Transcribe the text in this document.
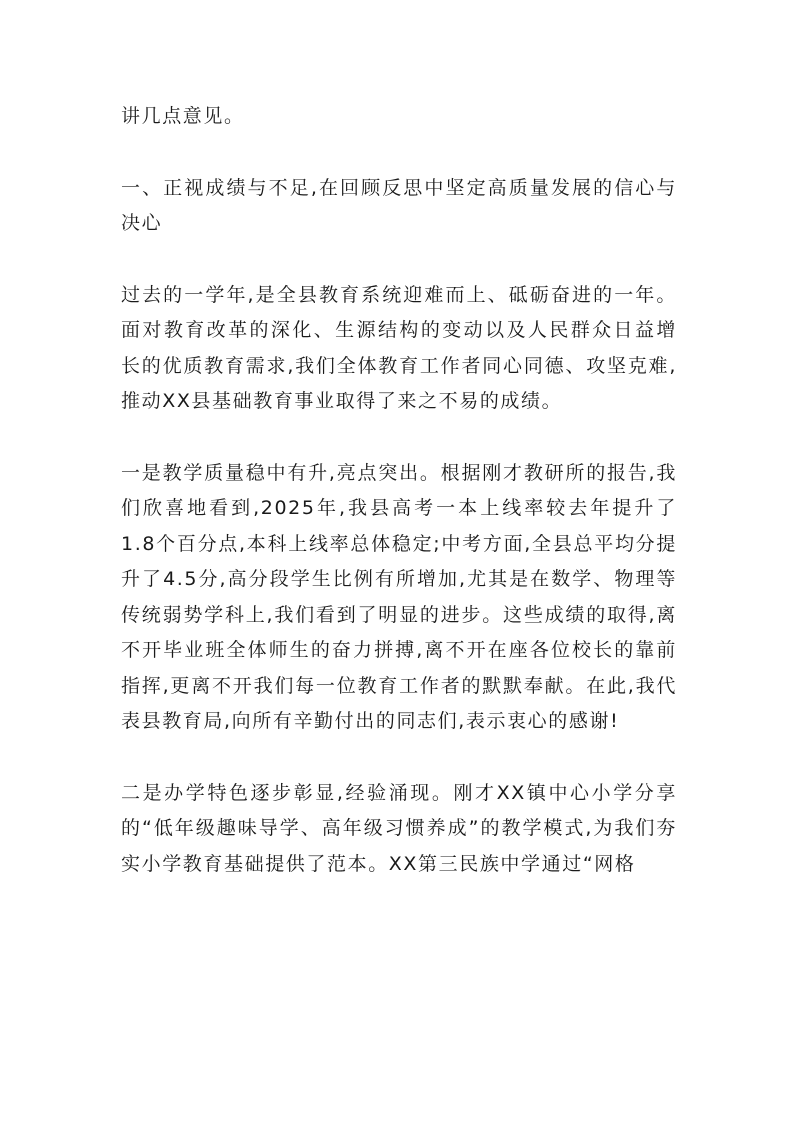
讲几点意见。

一、正视成绩与不足,在回顾反思中坚定高质量发展的信心与决心

过去的一学年,是全县教育系统迎难而上、砥砺奋进的一年。面对教育改革的深化、生源结构的变动以及人民群众日益增长的优质教育需求,我们全体教育工作者同心同德、攻坚克难,推动XX县基础教育事业取得了来之不易的成绩。

一是教学质量稳中有升,亮点突出。根据刚才教研所的报告,我们欣喜地看到,2025年,我县高考一本上线率较去年提升了1.8个百分点,本科上线率总体稳定;中考方面,全县总平均分提升了4.5分,高分段学生比例有所增加,尤其是在数学、物理等传统弱势学科上,我们看到了明显的进步。这些成绩的取得,离不开毕业班全体师生的奋力拼搏,离不开在座各位校长的靠前指挥,更离不开我们每一位教育工作者的默默奉献。在此,我代表县教育局,向所有辛勤付出的同志们,表示衷心的感谢!

二是办学特色逐步彰显,经验涌现。刚才XX镇中心小学分享的“低年级趣味导学、高年级习惯养成”的教学模式,为我们夯实小学教育基础提供了范本。XX第三民族中学通过“网格
